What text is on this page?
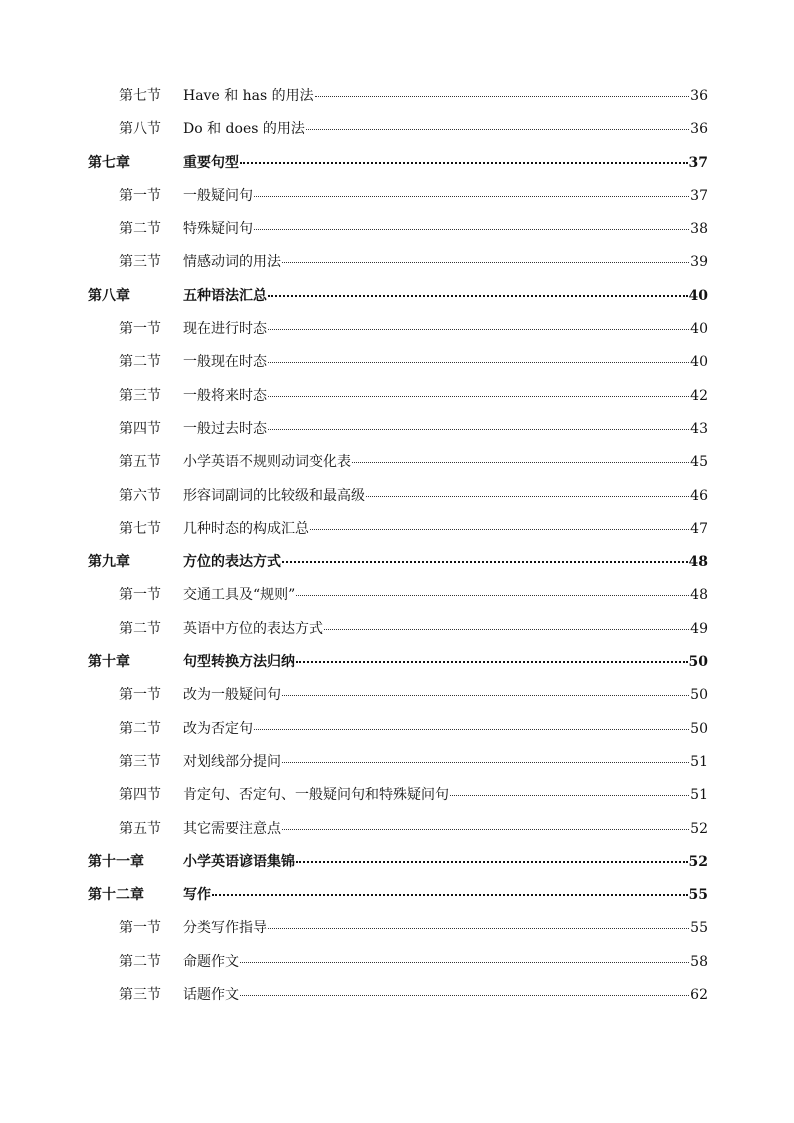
第七节	Have 和 has 的用法	36
第八节	Do 和 does 的用法	36
第七章	重要句型	37
第一节	一般疑问句	37
第二节	特殊疑问句	38
第三节	情感动词的用法	39
第八章	五种语法汇总	40
第一节	现在进行时态	40
第二节	一般现在时态	40
第三节	一般将来时态	42
第四节	一般过去时态	43
第五节	小学英语不规则动词变化表	45
第六节	形容词副词的比较级和最高级	46
第七节	几种时态的构成汇总	47
第九章	方位的表达方式	48
第一节	交通工具及“规则”	48
第二节	英语中方位的表达方式	49
第十章	句型转换方法归纳	50
第一节	改为一般疑问句	50
第二节	改为否定句	50
第三节	对划线部分提问	51
第四节	肯定句、否定句、一般疑问句和特殊疑问句	51
第五节	其它需要注意点	52
第十一章	小学英语谚语集锦	52
第十二章	写作	55
第一节	分类写作指导	55
第二节	命题作文	58
第三节	话题作文	62
